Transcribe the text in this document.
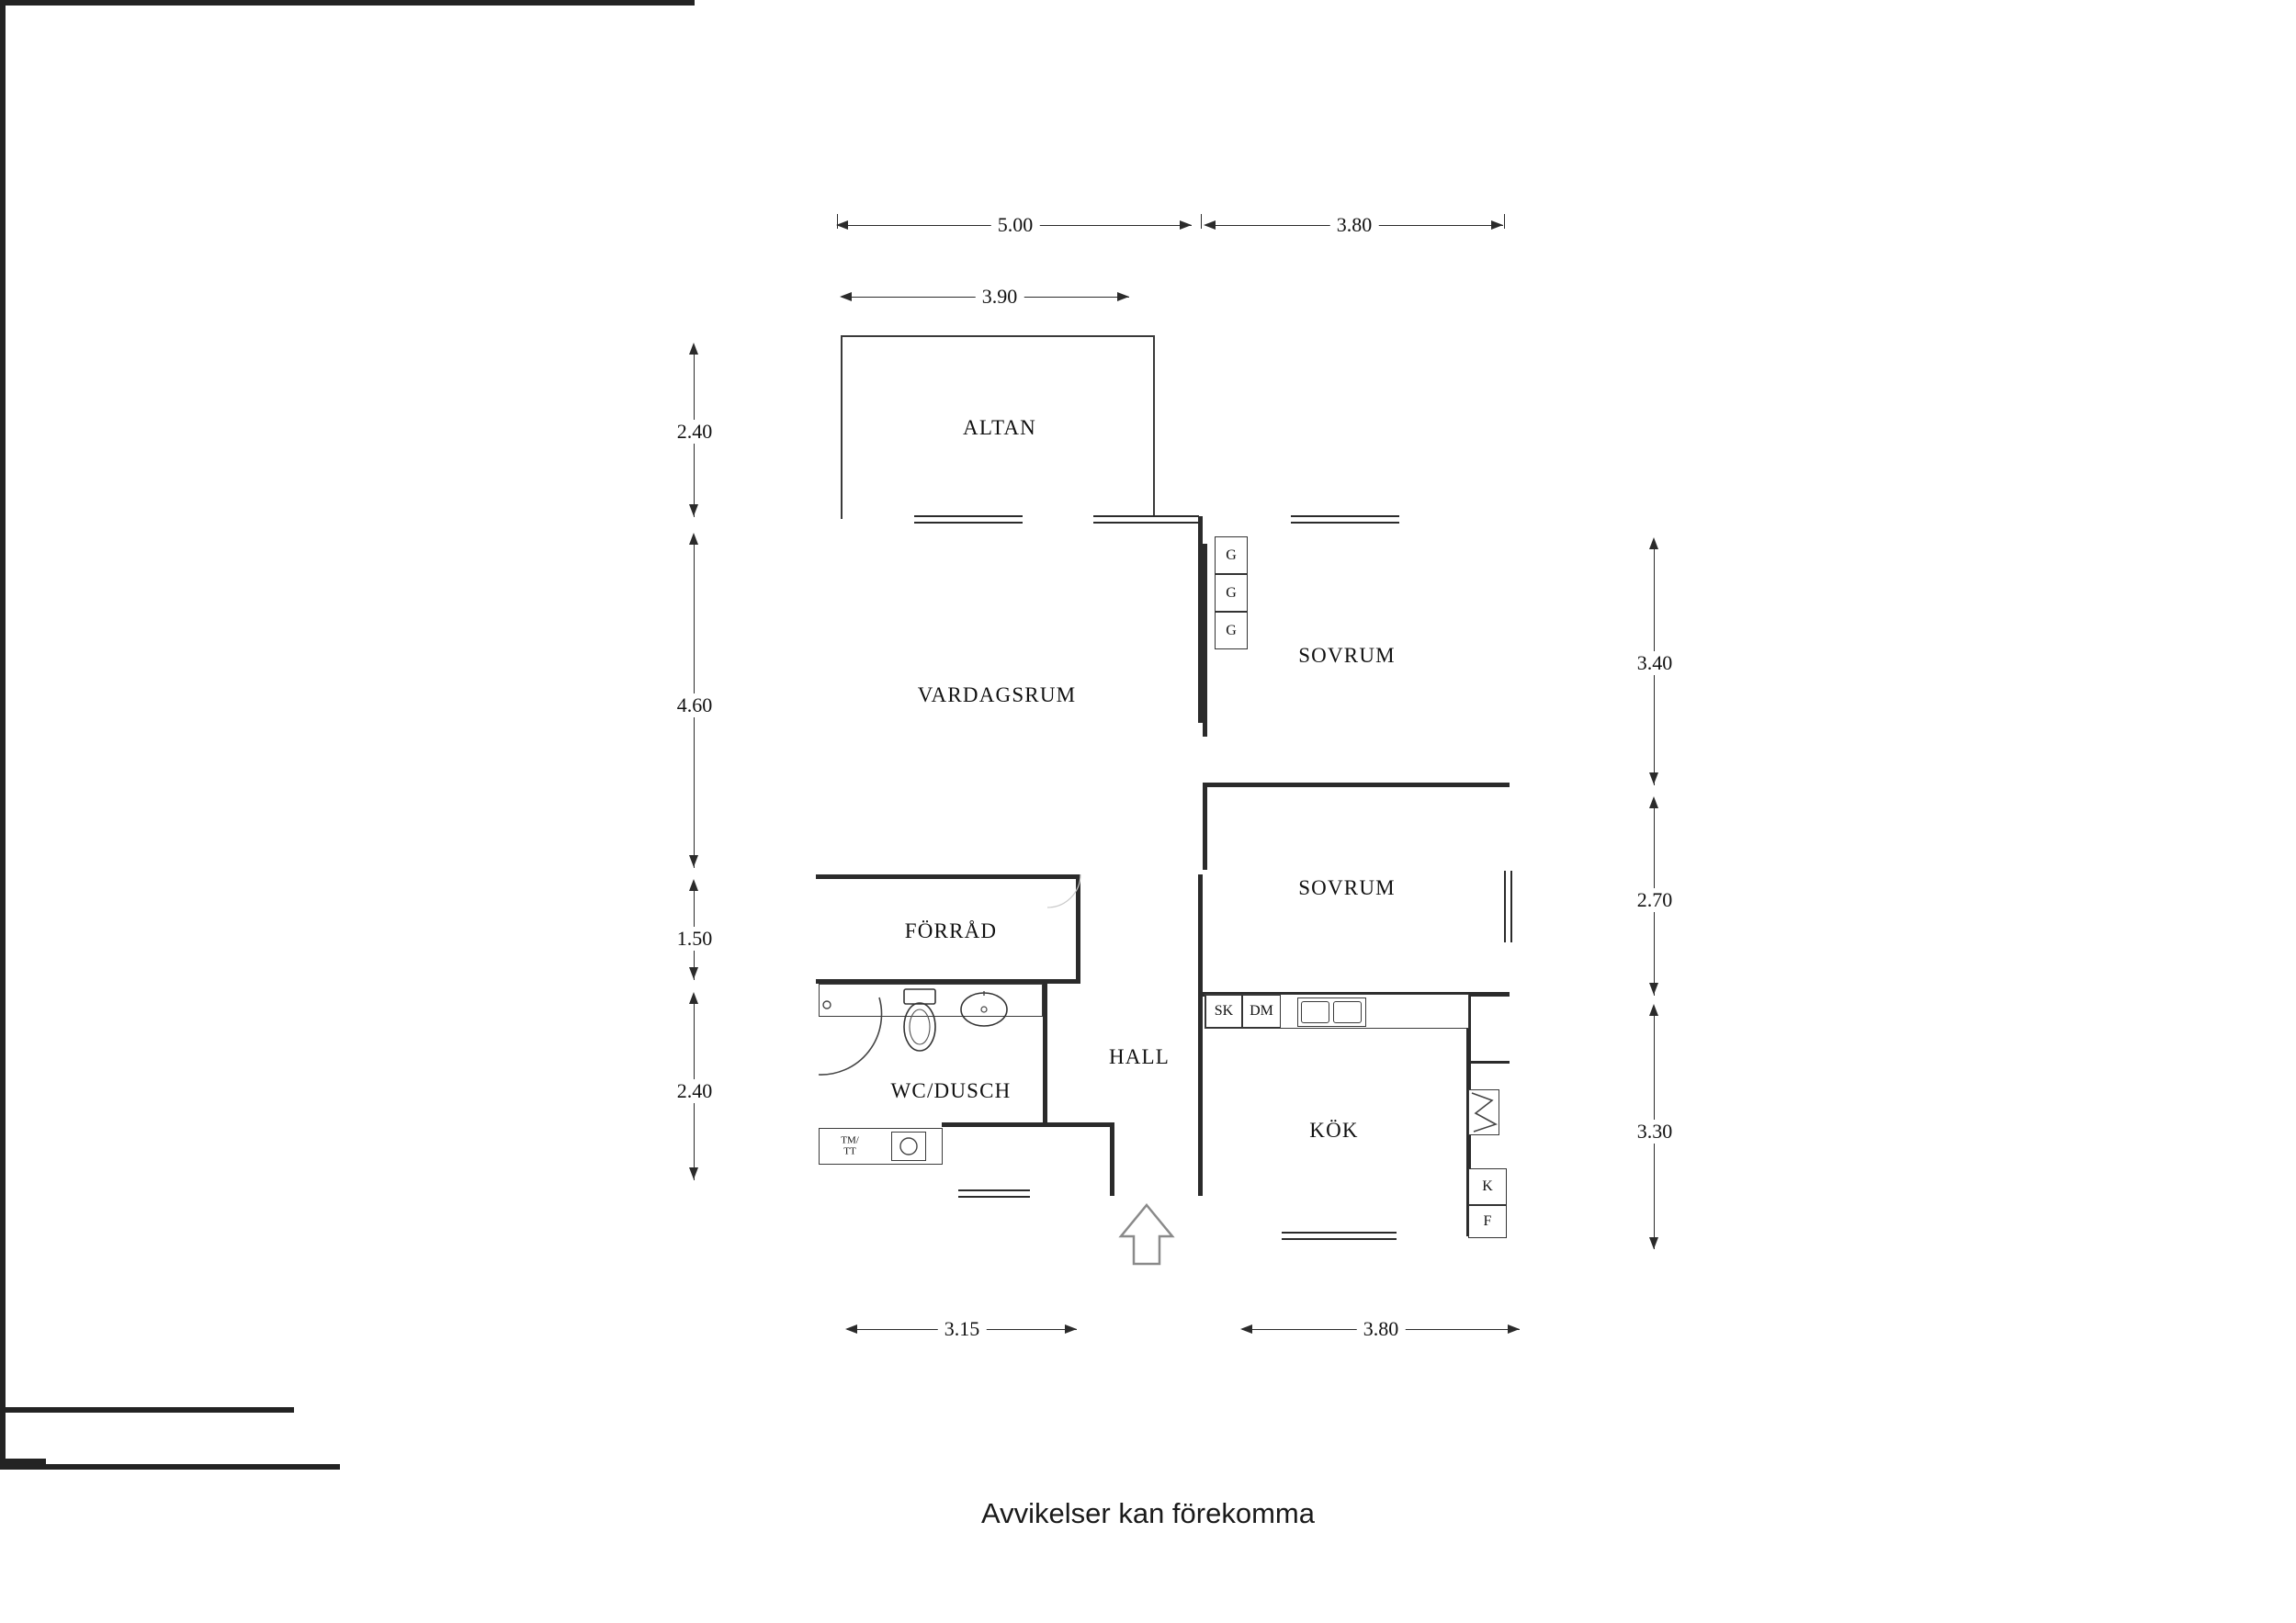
5.00	3.80
3.90
2.40
4.60
1.50
2.40
3.40
2.70
3.30
3.15	3.80
ALTAN
VARDAGSRUM
SOVRUM
SOVRUM
FÖRRÅD
WC/DUSCH
HALL
KÖK
G
G
G
SK	DM
K
F
TM/
TT
Avvikelser kan förekomma
